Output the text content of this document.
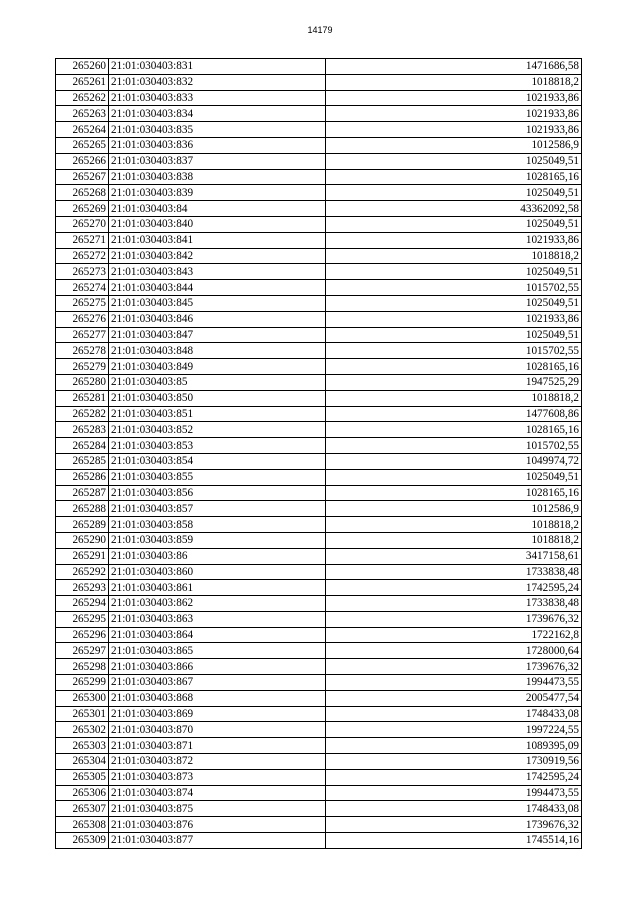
14179
265260	21:01:030403:831	1471686,58
265261	21:01:030403:832	1018818,2
265262	21:01:030403:833	1021933,86
265263	21:01:030403:834	1021933,86
265264	21:01:030403:835	1021933,86
265265	21:01:030403:836	1012586,9
265266	21:01:030403:837	1025049,51
265267	21:01:030403:838	1028165,16
265268	21:01:030403:839	1025049,51
265269	21:01:030403:84	43362092,58
265270	21:01:030403:840	1025049,51
265271	21:01:030403:841	1021933,86
265272	21:01:030403:842	1018818,2
265273	21:01:030403:843	1025049,51
265274	21:01:030403:844	1015702,55
265275	21:01:030403:845	1025049,51
265276	21:01:030403:846	1021933,86
265277	21:01:030403:847	1025049,51
265278	21:01:030403:848	1015702,55
265279	21:01:030403:849	1028165,16
265280	21:01:030403:85	1947525,29
265281	21:01:030403:850	1018818,2
265282	21:01:030403:851	1477608,86
265283	21:01:030403:852	1028165,16
265284	21:01:030403:853	1015702,55
265285	21:01:030403:854	1049974,72
265286	21:01:030403:855	1025049,51
265287	21:01:030403:856	1028165,16
265288	21:01:030403:857	1012586,9
265289	21:01:030403:858	1018818,2
265290	21:01:030403:859	1018818,2
265291	21:01:030403:86	3417158,61
265292	21:01:030403:860	1733838,48
265293	21:01:030403:861	1742595,24
265294	21:01:030403:862	1733838,48
265295	21:01:030403:863	1739676,32
265296	21:01:030403:864	1722162,8
265297	21:01:030403:865	1728000,64
265298	21:01:030403:866	1739676,32
265299	21:01:030403:867	1994473,55
265300	21:01:030403:868	2005477,54
265301	21:01:030403:869	1748433,08
265302	21:01:030403:870	1997224,55
265303	21:01:030403:871	1089395,09
265304	21:01:030403:872	1730919,56
265305	21:01:030403:873	1742595,24
265306	21:01:030403:874	1994473,55
265307	21:01:030403:875	1748433,08
265308	21:01:030403:876	1739676,32
265309	21:01:030403:877	1745514,16
